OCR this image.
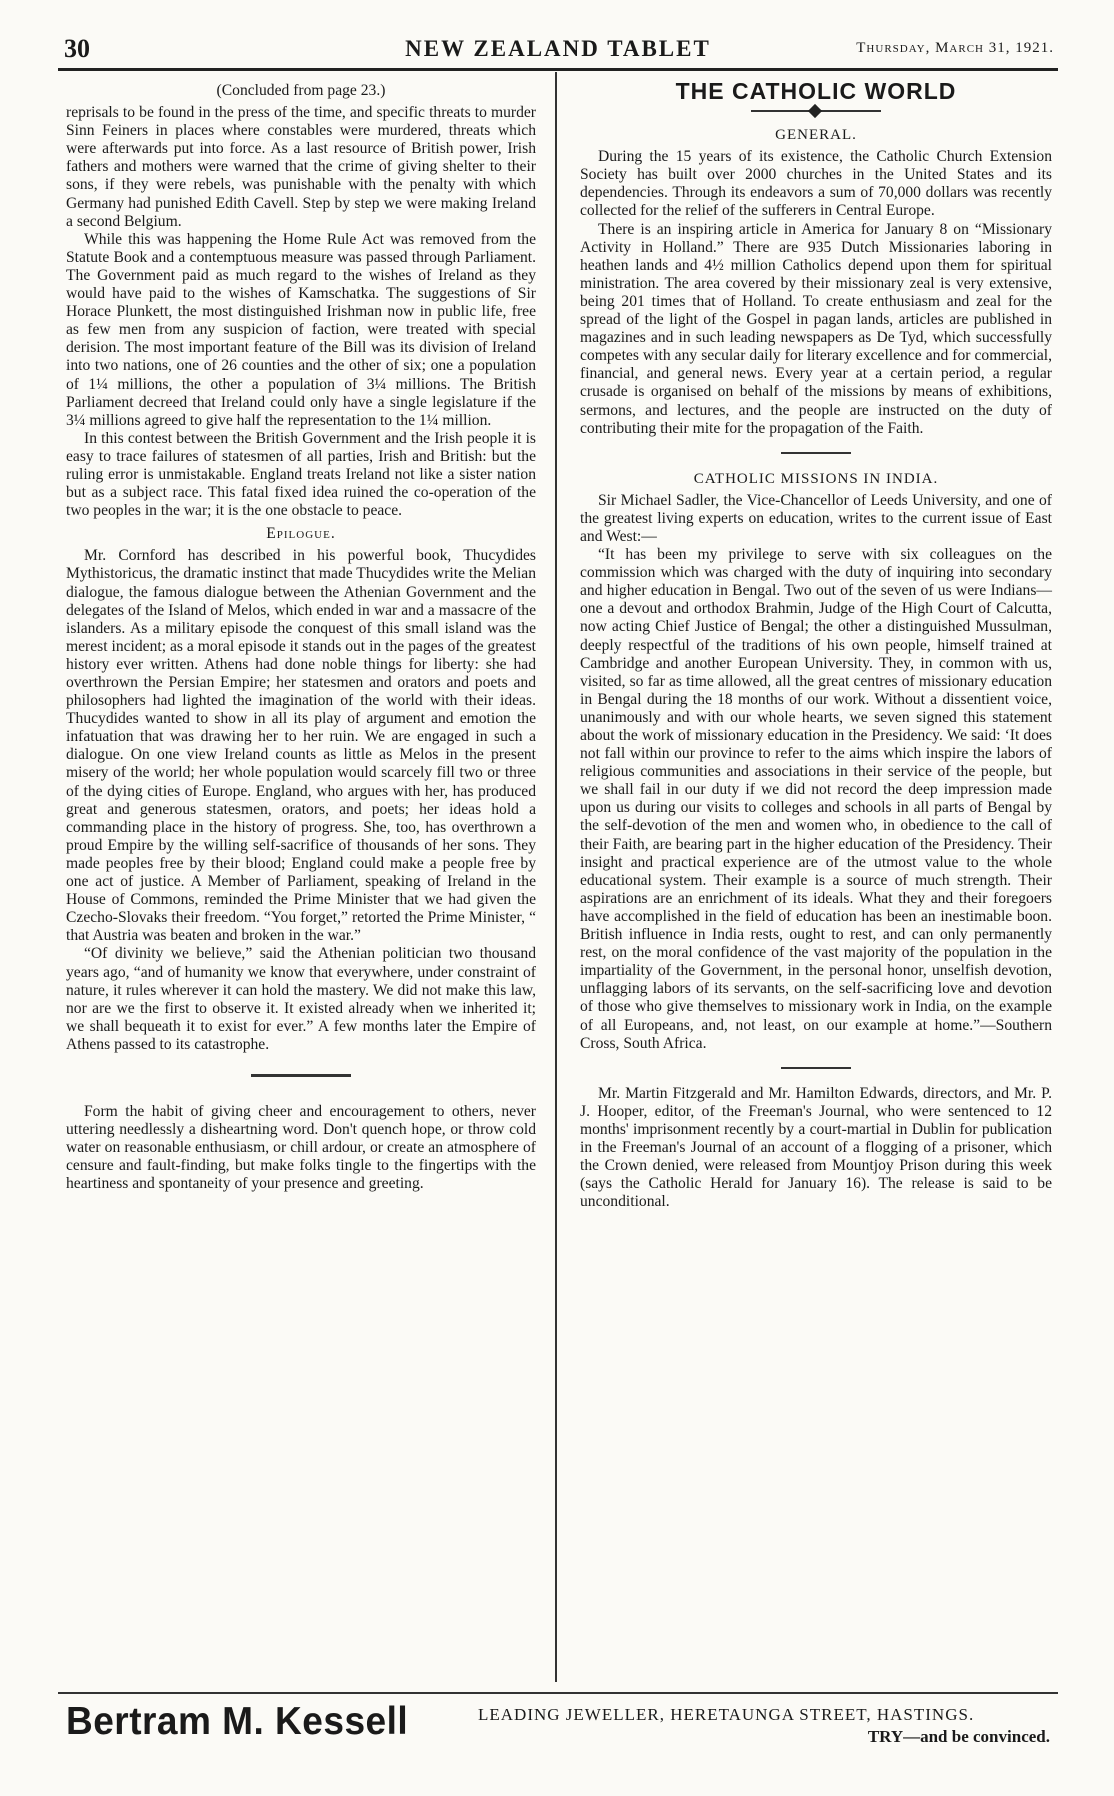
30	NEW ZEALAND TABLET	Thursday, March 31, 1921.
(Concluded from page 23.)

reprisals to be found in the press of the time, and specific threats to murder Sinn Feiners in places where constables were murdered, threats which were afterwards put into force. As a last resource of British power, Irish fathers and mothers were warned that the crime of giving shelter to their sons, if they were rebels, was punishable with the penalty with which Germany had punished Edith Cavell. Step by step we were making Ireland a second Belgium.

While this was happening the Home Rule Act was removed from the Statute Book and a contemptuous measure was passed through Parliament. The Government paid as much regard to the wishes of Ireland as they would have paid to the wishes of Kamschatka. The suggestions of Sir Horace Plunkett, the most distinguished Irishman now in public life, free as few men from any suspicion of faction, were treated with special derision. The most important feature of the Bill was its division of Ireland into two nations, one of 26 counties and the other of six; one a population of 1¼ millions, the other a population of 3¼ millions. The British Parliament decreed that Ireland could only have a single legislature if the 3¼ millions agreed to give half the representation to the 1¼ million.

In this contest between the British Government and the Irish people it is easy to trace failures of statesmen of all parties, Irish and British: but the ruling error is unmistakable. England treats Ireland not like a sister nation but as a subject race. This fatal fixed idea ruined the co-operation of the two peoples in the war; it is the one obstacle to peace.

Epilogue.

Mr. Cornford has described in his powerful book, Thucydides Mythistoricus, the dramatic instinct that made Thucydides write the Melian dialogue, the famous dialogue between the Athenian Government and the delegates of the Island of Melos, which ended in war and a massacre of the islanders. As a military episode the conquest of this small island was the merest incident; as a moral episode it stands out in the pages of the greatest history ever written. Athens had done noble things for liberty: she had overthrown the Persian Empire; her statesmen and orators and poets and philosophers had lighted the imagination of the world with their ideas. Thucydides wanted to show in all its play of argument and emotion the infatuation that was drawing her to her ruin. We are engaged in such a dialogue. On one view Ireland counts as little as Melos in the present misery of the world; her whole population would scarcely fill two or three of the dying cities of Europe. England, who argues with her, has produced great and generous statesmen, orators, and poets; her ideas hold a commanding place in the history of progress. She, too, has overthrown a proud Empire by the willing self-sacrifice of thousands of her sons. They made peoples free by their blood; England could make a people free by one act of justice. A Member of Parliament, speaking of Ireland in the House of Commons, reminded the Prime Minister that we had given the Czecho-Slovaks their freedom. “You forget,” retorted the Prime Minister, “ that Austria was beaten and broken in the war.”

“Of divinity we believe,” said the Athenian politician two thousand years ago, “and of humanity we know that everywhere, under constraint of nature, it rules wherever it can hold the mastery. We did not make this law, nor are we the first to observe it. It existed already when we inherited it; we shall bequeath it to exist for ever.” A few months later the Empire of Athens passed to its catastrophe.

Form the habit of giving cheer and encouragement to others, never uttering needlessly a disheartning word. Don't quench hope, or throw cold water on reasonable enthusiasm, or chill ardour, or create an atmosphere of censure and fault-finding, but make folks tingle to the fingertips with the heartiness and spontaneity of your presence and greeting.

THE CATHOLIC WORLD
GENERAL.

During the 15 years of its existence, the Catholic Church Extension Society has built over 2000 churches in the United States and its dependencies. Through its endeavors a sum of 70,000 dollars was recently collected for the relief of the sufferers in Central Europe.

There is an inspiring article in America for January 8 on “Missionary Activity in Holland.” There are 935 Dutch Missionaries laboring in heathen lands and 4½ million Catholics depend upon them for spiritual ministration. The area covered by their missionary zeal is very extensive, being 201 times that of Holland. To create enthusiasm and zeal for the spread of the light of the Gospel in pagan lands, articles are published in magazines and in such leading newspapers as De Tyd, which successfully competes with any secular daily for literary excellence and for commercial, financial, and general news. Every year at a certain period, a regular crusade is organised on behalf of the missions by means of exhibitions, sermons, and lectures, and the people are instructed on the duty of contributing their mite for the propagation of the Faith.

CATHOLIC MISSIONS IN INDIA.

Sir Michael Sadler, the Vice-Chancellor of Leeds University, and one of the greatest living experts on education, writes to the current issue of East and West:—

“It has been my privilege to serve with six colleagues on the commission which was charged with the duty of inquiring into secondary and higher education in Bengal. Two out of the seven of us were Indians—one a devout and orthodox Brahmin, Judge of the High Court of Calcutta, now acting Chief Justice of Bengal; the other a distinguished Mussulman, deeply respectful of the traditions of his own people, himself trained at Cambridge and another European University. They, in common with us, visited, so far as time allowed, all the great centres of missionary education in Bengal during the 18 months of our work. Without a dissentient voice, unanimously and with our whole hearts, we seven signed this statement about the work of missionary education in the Presidency. We said: ‘It does not fall within our province to refer to the aims which inspire the labors of religious communities and associations in their service of the people, but we shall fail in our duty if we did not record the deep impression made upon us during our visits to colleges and schools in all parts of Bengal by the self-devotion of the men and women who, in obedience to the call of their Faith, are bearing part in the higher education of the Presidency. Their insight and practical experience are of the utmost value to the whole educational system. Their example is a source of much strength. Their aspirations are an enrichment of its ideals. What they and their foregoers have accomplished in the field of education has been an inestimable boon. British influence in India rests, ought to rest, and can only permanently rest, on the moral confidence of the vast majority of the population in the impartiality of the Government, in the personal honor, unselfish devotion, unflagging labors of its servants, on the self-sacrificing love and devotion of those who give themselves to missionary work in India, on the example of all Europeans, and, not least, on our example at home.”—Southern Cross, South Africa.

Mr. Martin Fitzgerald and Mr. Hamilton Edwards, directors, and Mr. P. J. Hooper, editor, of the Freeman's Journal, who were sentenced to 12 months' imprisonment recently by a court-martial in Dublin for publication in the Freeman's Journal of an account of a flogging of a prisoner, which the Crown denied, were released from Mountjoy Prison during this week (says the Catholic Herald for January 16). The release is said to be unconditional.

Bertram M. Kessell	LEADING JEWELLER, HERETAUNGA STREET, HASTINGS.
TRY—and be convinced.
